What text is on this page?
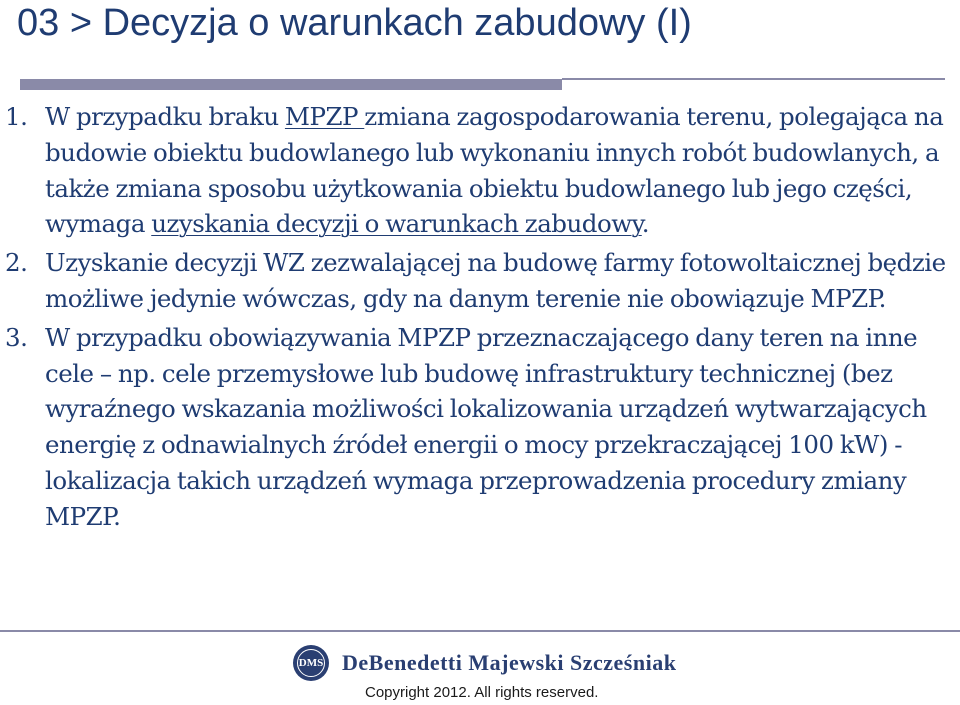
03 > Decyzja o warunkach zabudowy (I)
1. W przypadku braku MPZP zmiana zagospodarowania terenu, polegająca na budowie obiektu budowlanego lub wykonaniu innych robót budowlanych, a także zmiana sposobu użytkowania obiektu budowlanego lub jego części, wymaga uzyskania decyzji o warunkach zabudowy.
2. Uzyskanie decyzji WZ zezwalającej na budowę farmy fotowoltaicznej będzie możliwe jedynie wówczas, gdy na danym terenie nie obowiązuje MPZP.
3. W przypadku obowiązywania MPZP przeznaczającego dany teren na inne cele – np. cele przemysłowe lub budowę infrastruktury technicznej (bez wyraźnego wskazania możliwości lokalizowania urządzeń wytwarzających energię z odnawialnych źródeł energii o mocy przekraczającej 100 kW) - lokalizacja takich urządzeń wymaga przeprowadzenia procedury zmiany MPZP.
DMS DeBenedetti Majewski Szcześniak
Copyright 2012. All rights reserved.
